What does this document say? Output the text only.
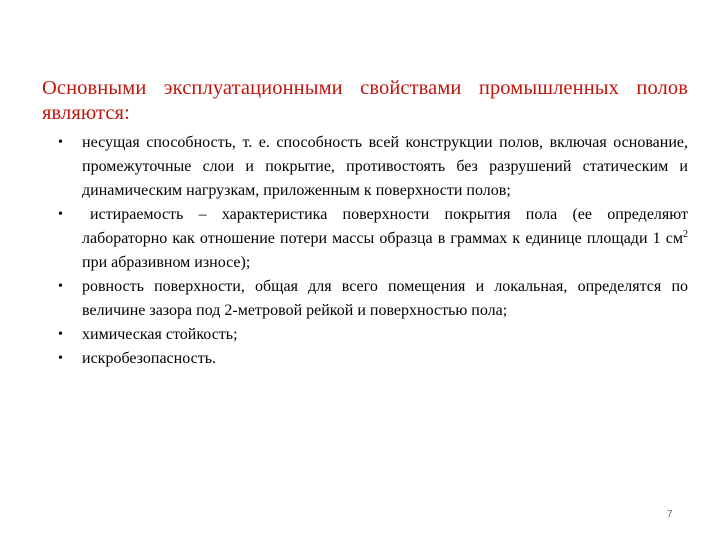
Основными эксплуатационными свойствами промышленных полов являются:

• несущая способность, т. е. способность всей конструкции полов, включая основание, промежуточные слои и покрытие, противостоять без разрушений статическим и динамическим нагрузкам, приложенным к поверхности полов;
• истираемость – характеристика поверхности покрытия пола (ее определяют лабораторно как отношение потери массы образца в граммах к единице площади 1 $см^2$ при абразивном износе);
• ровность поверхности, общая для всего помещения и локальная, определятся по величине зазора под 2-метровой рейкой и поверхностью пола;
• химическая стойкость;
• искробезопасность.
7
